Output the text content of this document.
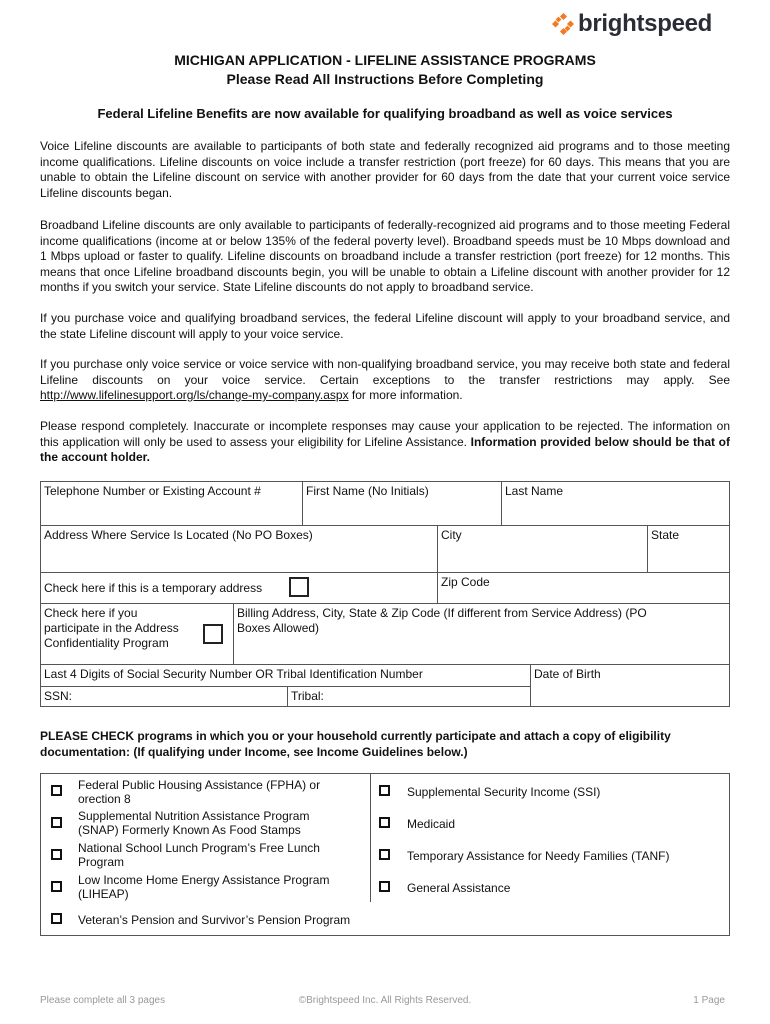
brightspeed
MICHIGAN APPLICATION - LIFELINE ASSISTANCE PROGRAMS
Please Read All Instructions Before Completing
Federal Lifeline Benefits are now available for qualifying broadband as well as voice services
Voice Lifeline discounts are available to participants of both state and federally recognized aid programs and to those meeting income qualifications. Lifeline discounts on voice include a transfer restriction (port freeze) for 60 days. This means that you are unable to obtain the Lifeline discount on service with another provider for 60 days from the date that your current voice service Lifeline discounts began.
Broadband Lifeline discounts are only available to participants of federally-recognized aid programs and to those meeting Federal income qualifications (income at or below 135% of the federal poverty level). Broadband speeds must be 10 Mbps download and 1 Mbps upload or faster to qualify. Lifeline discounts on broadband include a transfer restriction (port freeze) for 12 months. This means that once Lifeline broadband discounts begin, you will be unable to obtain a Lifeline discount with another provider for 12 months if you switch your service. State Lifeline discounts do not apply to broadband service.
If you purchase voice and qualifying broadband services, the federal Lifeline discount will apply to your broadband service, and the state Lifeline discount will apply to your voice service.
If you purchase only voice service or voice service with non-qualifying broadband service, you may receive both state and federal Lifeline discounts on your voice service. Certain exceptions to the transfer restrictions may apply. See http://www.lifelinesupport.org/ls/change-my-company.aspx for more information.
Please respond completely. Inaccurate or incomplete responses may cause your application to be rejected. The information on this application will only be used to assess your eligibility for Lifeline Assistance. Information provided below should be that of the account holder.
Telephone Number or Existing Account #	First Name (No Initials)	Last Name
Address Where Service Is Located (No PO Boxes)	City	State
Check here if this is a temporary address	Zip Code
Check here if you participate in the Address Confidentiality Program
Billing Address, City, State & Zip Code (If different from Service Address) (PO Boxes Allowed)
Last 4 Digits of Social Security Number OR Tribal Identification Number	Date of Birth
SSN:	Tribal:
PLEASE CHECK programs in which you or your household currently participate and attach a copy of eligibility documentation: (If qualifying under Income, see Income Guidelines below.)
Federal Public Housing Assistance (FPHA) or orection 8
Supplemental Nutrition Assistance Program (SNAP) Formerly Known As Food Stamps
National School Lunch Program’s Free Lunch Program
Low Income Home Energy Assistance Program (LIHEAP)
Veteran’s Pension and Survivor’s Pension Program
Supplemental Security Income (SSI)
Medicaid
Temporary Assistance for Needy Families (TANF)
General Assistance
Please complete all 3 pages	©Brightspeed Inc. All Rights Reserved.	1 Page
